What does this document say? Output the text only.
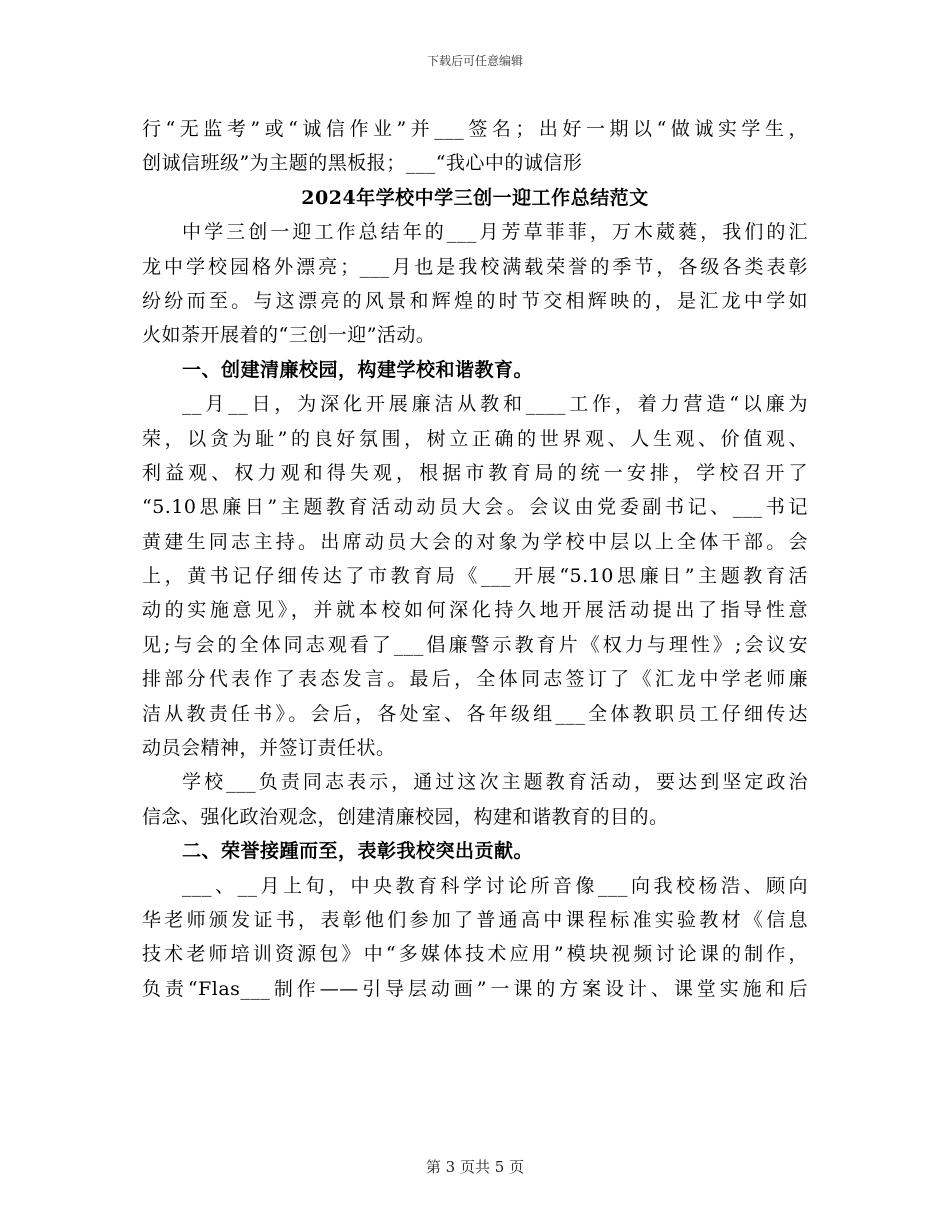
下载后可任意编辑
行“无监考”或“诚信作业”并___签名；出好一期以“做诚实学生，
创诚信班级”为主题的黑板报；___“我心中的诚信形
2024年学校中学三创一迎工作总结范文
中学三创一迎工作总结年的___月芳草菲菲，万木葳蕤，我们的汇
龙中学校园格外漂亮；___月也是我校满载荣誉的季节，各级各类表彰
纷纷而至。与这漂亮的风景和辉煌的时节交相辉映的，是汇龙中学如
火如荼开展着的“三创一迎”活动。
一、创建清廉校园，构建学校和谐教育。
__月__日，为深化开展廉洁从教和____工作，着力营造“以廉为
荣，以贪为耻”的良好氛围，树立正确的世界观、人生观、价值观、
利益观、权力观和得失观，根据市教育局的统一安排，学校召开了
“5.10思廉日”主题教育活动动员大会。会议由党委副书记、___书记
黄建生同志主持。出席动员大会的对象为学校中层以上全体干部。会
上，黄书记仔细传达了市教育局《___开展“5.10思廉日”主题教育活
动的实施意见》，并就本校如何深化持久地开展活动提出了指导性意
见;与会的全体同志观看了___倡廉警示教育片《权力与理性》;会议安
排部分代表作了表态发言。最后，全体同志签订了《汇龙中学老师廉
洁从教责任书》。会后，各处室、各年级组___全体教职员工仔细传达
动员会精神，并签订责任状。
学校___负责同志表示，通过这次主题教育活动，要达到坚定政治
信念、强化政治观念，创建清廉校园，构建和谐教育的目的。
二、荣誉接踵而至，表彰我校突出贡献。
___、__月上旬，中央教育科学讨论所音像___向我校杨浩、顾向
华老师颁发证书，表彰他们参加了普通高中课程标准实验教材《信息
技术老师培训资源包》中“多媒体技术应用”模块视频讨论课的制作，
负责“Flas___制作——引导层动画”一课的方案设计、课堂实施和后
第 3 页共 5 页
